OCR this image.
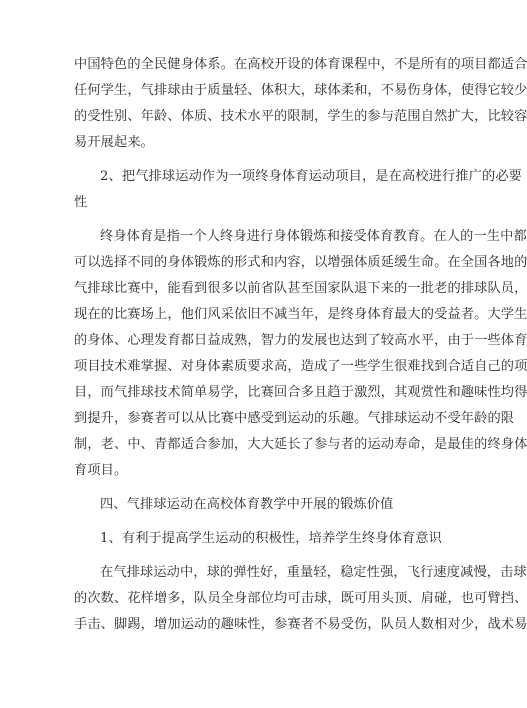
中国特色的全民健身体系。在高校开设的体育课程中，不是所有的项目都适合
任何学生，气排球由于质量轻、体积大，球体柔和，不易伤身体，使得它较少
的受性别、年龄、体质、技术水平的限制，学生的参与范围自然扩大，比较容
易开展起来。
2、把气排球运动作为一项终身体育运动项目，是在高校进行推广的必要
性
终身体育是指一个人终身进行身体锻炼和接受体育教育。在人的一生中都
可以选择不同的身体锻炼的形式和内容，以增强体质延缓生命。在全国各地的
气排球比赛中，能看到很多以前省队甚至国家队退下来的一批老的排球队员，
现在的比赛场上，他们风采依旧不减当年，是终身体育最大的受益者。大学生
的身体、心理发育都日益成熟，智力的发展也达到了较高水平，由于一些体育
项目技术难掌握、对身体素质要求高，造成了一些学生很难找到合适自己的项
目，而气排球技术简单易学，比赛回合多且趋于激烈，其观赏性和趣味性均得
到提升，参赛者可以从比赛中感受到运动的乐趣。气排球运动不受年龄的限
制，老、中、青都适合参加，大大延长了参与者的运动寿命，是最佳的终身体
育项目。
四、气排球运动在高校体育教学中开展的锻炼价值
1、有利于提高学生运动的积极性，培养学生终身体育意识
在气排球运动中，球的弹性好，重量轻，稳定性强，飞行速度减慢，击球
的次数、花样增多，队员全身部位均可击球，既可用头顶、肩碰，也可臂挡、
手击、脚踢，增加运动的趣味性，参赛者不易受伤，队员人数相对少，战术易
